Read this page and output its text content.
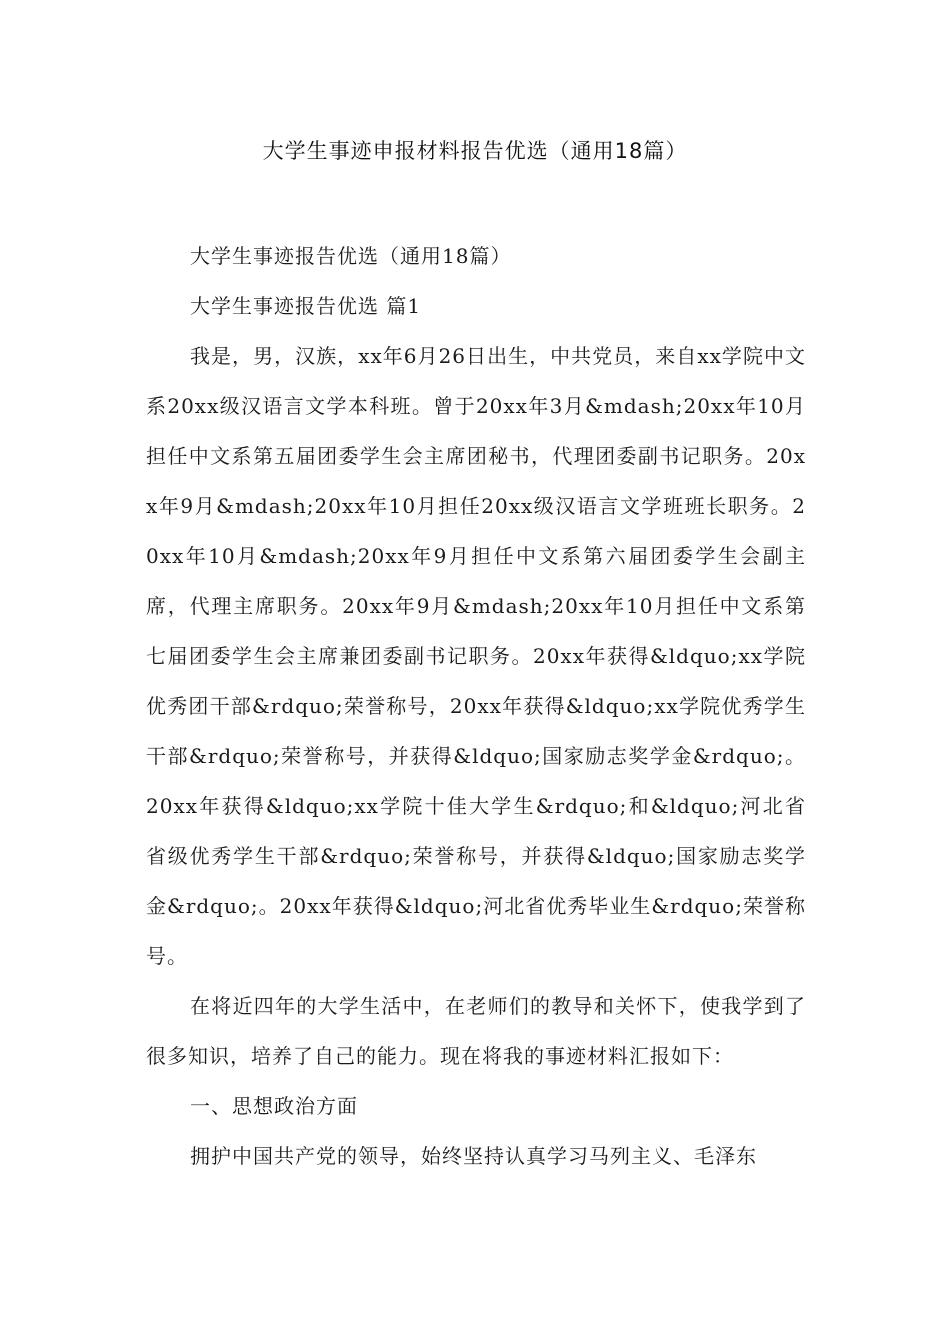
大学生事迹申报材料报告优选（通用18篇）

大学生事迹报告优选（通用18篇）

大学生事迹报告优选 篇1

我是，男，汉族，xx年6月26日出生，中共党员，来自xx学院中文系20xx级汉语言文学本科班。曾于20xx年3月&mdash;20xx年10月担任中文系第五届团委学生会主席团秘书，代理团委副书记职务。20xx年9月&mdash;20xx年10月担任20xx级汉语言文学班班长职务。20xx年10月&mdash;20xx年9月担任中文系第六届团委学生会副主席，代理主席职务。20xx年9月&mdash;20xx年10月担任中文系第七届团委学生会主席兼团委副书记职务。20xx年获得&ldquo;xx学院优秀团干部&rdquo;荣誉称号，20xx年获得&ldquo;xx学院优秀学生干部&rdquo;荣誉称号，并获得&ldquo;国家励志奖学金&rdquo;。20xx年获得&ldquo;xx学院十佳大学生&rdquo;和&ldquo;河北省省级优秀学生干部&rdquo;荣誉称号，并获得&ldquo;国家励志奖学金&rdquo;。20xx年获得&ldquo;河北省优秀毕业生&rdquo;荣誉称号。

在将近四年的大学生活中，在老师们的教导和关怀下，使我学到了很多知识，培养了自己的能力。现在将我的事迹材料汇报如下：

一、思想政治方面

拥护中国共产党的领导，始终坚持认真学习马列主义、毛泽东
